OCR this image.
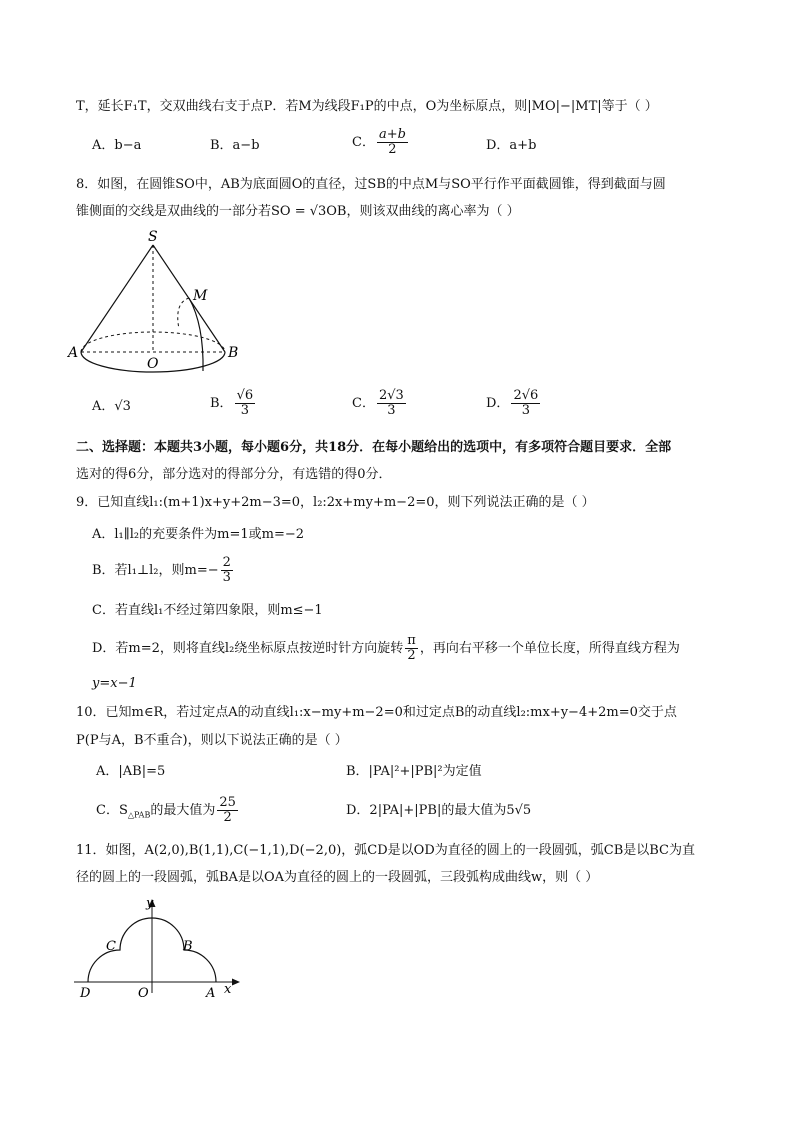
T，延长F₁T，交双曲线右支于点P．若M为线段F₁P的中点，O为坐标原点，则|MO|−|MT|等于（ ）
A．b−a	B．a−b	C． $\frac{a+b}{2}$	D．a+b
8．如图，在圆锥SO中，AB为底面圆O的直径，过SB的中点M与SO平行作平面截圆锥，得到截面与圆
锥侧面的交线是双曲线的一部分若SO = √3OB，则该双曲线的离心率为（ ）
S
M
A
O
B
A．√3	B． $\frac{√6}{3}$	C． $\frac{2√3}{3}$	D． $\frac{2√6}{3}$
二、选择题：本题共3小题，每小题6分，共18分．在每小题给出的选项中，有多项符合题目要求．全部
选对的得6分，部分选对的得部分分，有选错的得0分．
9．已知直线l₁:(m+1)x+y+2m−3=0，l₂:2x+my+m−2=0，则下列说法正确的是（ ）
A．l₁∥l₂的充要条件为m=1或m=−2
B．若l₁⊥l₂，则$m=- \frac{2}{3}$
C．若直线l₁不经过第四象限，则m≤−1
D．若m=2，则将直线l₂绕坐标原点按逆时针方向旋转 $\frac{\pi}{2}$ ，再向右平移一个单位长度，所得直线方程为
y=x−1
10．已知m∈R，若过定点A的动直线l₁:x−my+m−2=0和过定点B的动直线l₂:mx+y−4+2m=0交于点
P(P与A，B不重合)，则以下说法正确的是（ ）
A．|AB|=5	B．|PA|²+|PB|²为定值
C．$S_{\triangle PAB}$的最大值为 $\frac{25}{2}$	D．2|PA|+|PB|的最大值为5√5
11．如图，A(2,0),B(1,1),C(−1,1),D(−2,0)，弧CD是以OD为直径的圆上的一段圆弧，弧CB是以BC为直
径的圆上的一段圆弧，弧BA是以OA为直径的圆上的一段圆弧，三段弧构成曲线w，则（ ）
y
x
C	B
D	O	A
